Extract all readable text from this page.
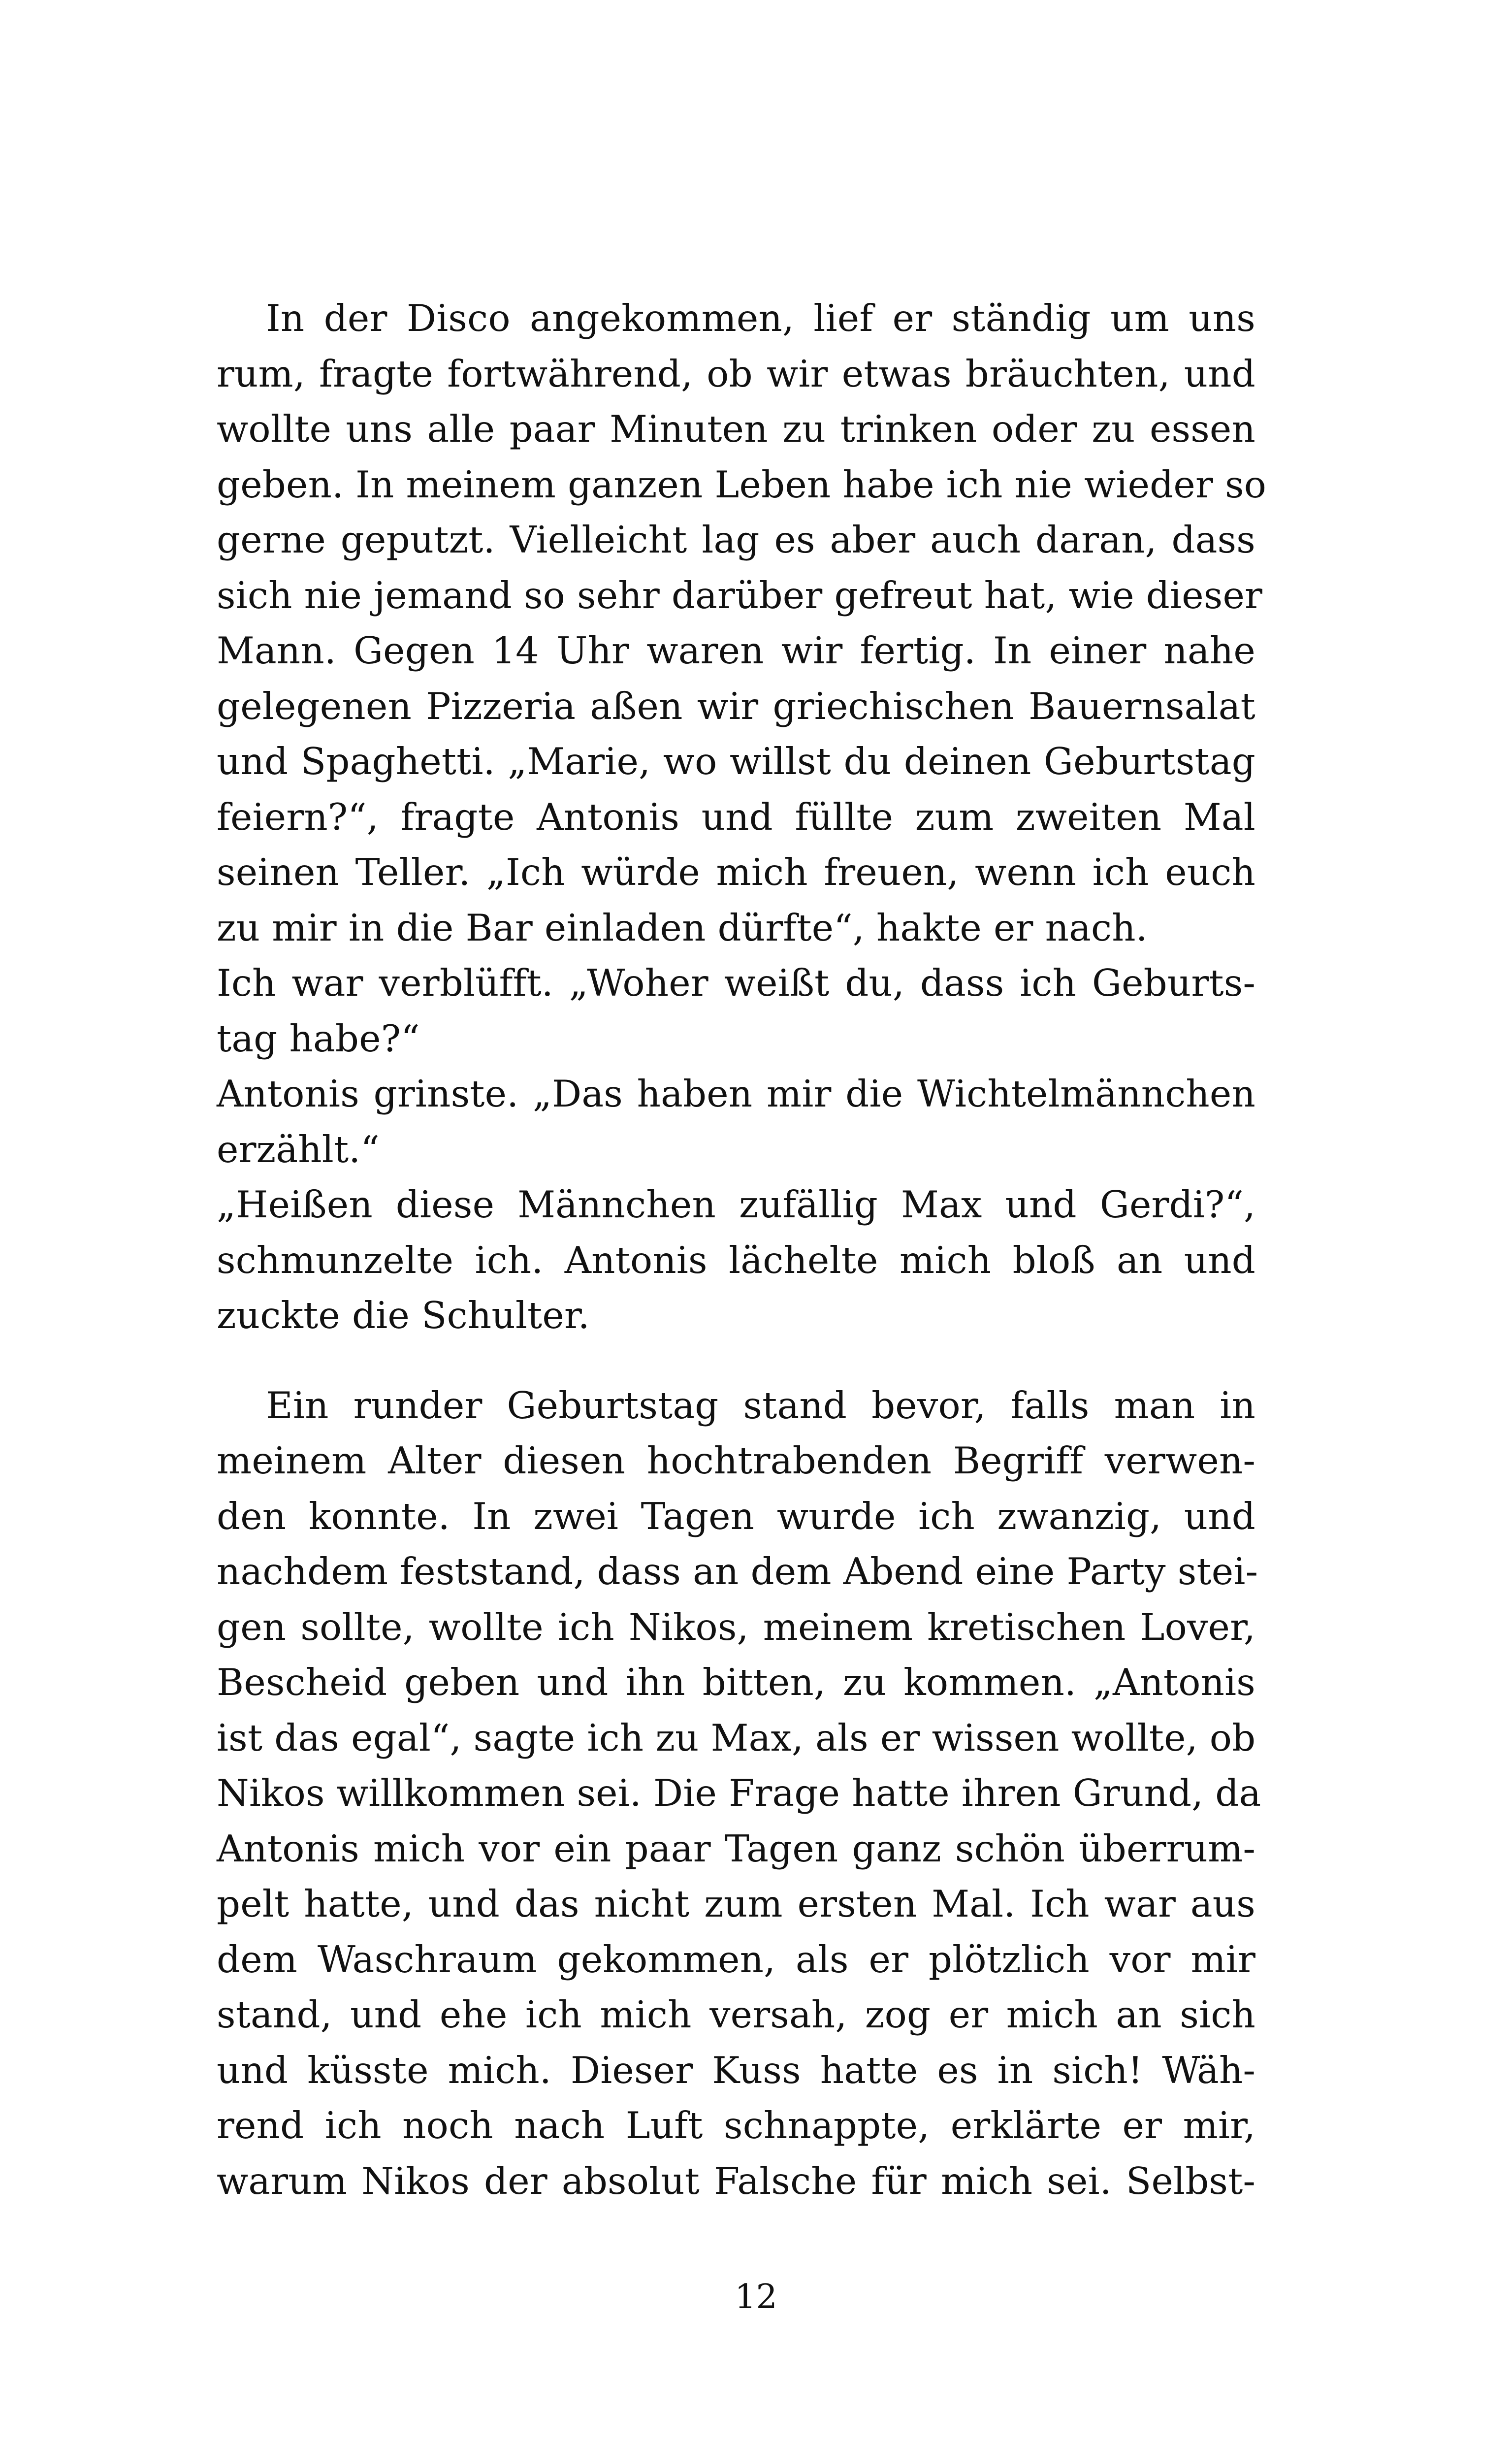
In der Disco angekommen, lief er ständig um uns
rum, fragte fortwährend, ob wir etwas bräuchten, und
wollte uns alle paar Minuten zu trinken oder zu essen
geben. In meinem ganzen Leben habe ich nie wieder so
gerne geputzt. Vielleicht lag es aber auch daran, dass
sich nie jemand so sehr darüber gefreut hat, wie dieser
Mann. Gegen 14 Uhr waren wir fertig. In einer nahe
gelegenen Pizzeria aßen wir griechischen Bauernsalat
und Spaghetti. „Marie, wo willst du deinen Geburtstag
feiern?“, fragte Antonis und füllte zum zweiten Mal
seinen Teller. „Ich würde mich freuen, wenn ich euch
zu mir in die Bar einladen dürfte“, hakte er nach.
Ich war verblüfft. „Woher weißt du, dass ich Geburts-
tag habe?“
Antonis grinste. „Das haben mir die Wichtelmännchen
erzählt.“
„Heißen diese Männchen zufällig Max und Gerdi?“,
schmunzelte ich. Antonis lächelte mich bloß an und
zuckte die Schulter.
Ein runder Geburtstag stand bevor, falls man in
meinem Alter diesen hochtrabenden Begriff verwen-
den konnte. In zwei Tagen wurde ich zwanzig, und
nachdem feststand, dass an dem Abend eine Party stei-
gen sollte, wollte ich Nikos, meinem kretischen Lover,
Bescheid geben und ihn bitten, zu kommen. „Antonis
ist das egal“, sagte ich zu Max, als er wissen wollte, ob
Nikos willkommen sei. Die Frage hatte ihren Grund, da
Antonis mich vor ein paar Tagen ganz schön überrum-
pelt hatte, und das nicht zum ersten Mal. Ich war aus
dem Waschraum gekommen, als er plötzlich vor mir
stand, und ehe ich mich versah, zog er mich an sich
und küsste mich. Dieser Kuss hatte es in sich! Wäh-
rend ich noch nach Luft schnappte, erklärte er mir,
warum Nikos der absolut Falsche für mich sei. Selbst-
12
